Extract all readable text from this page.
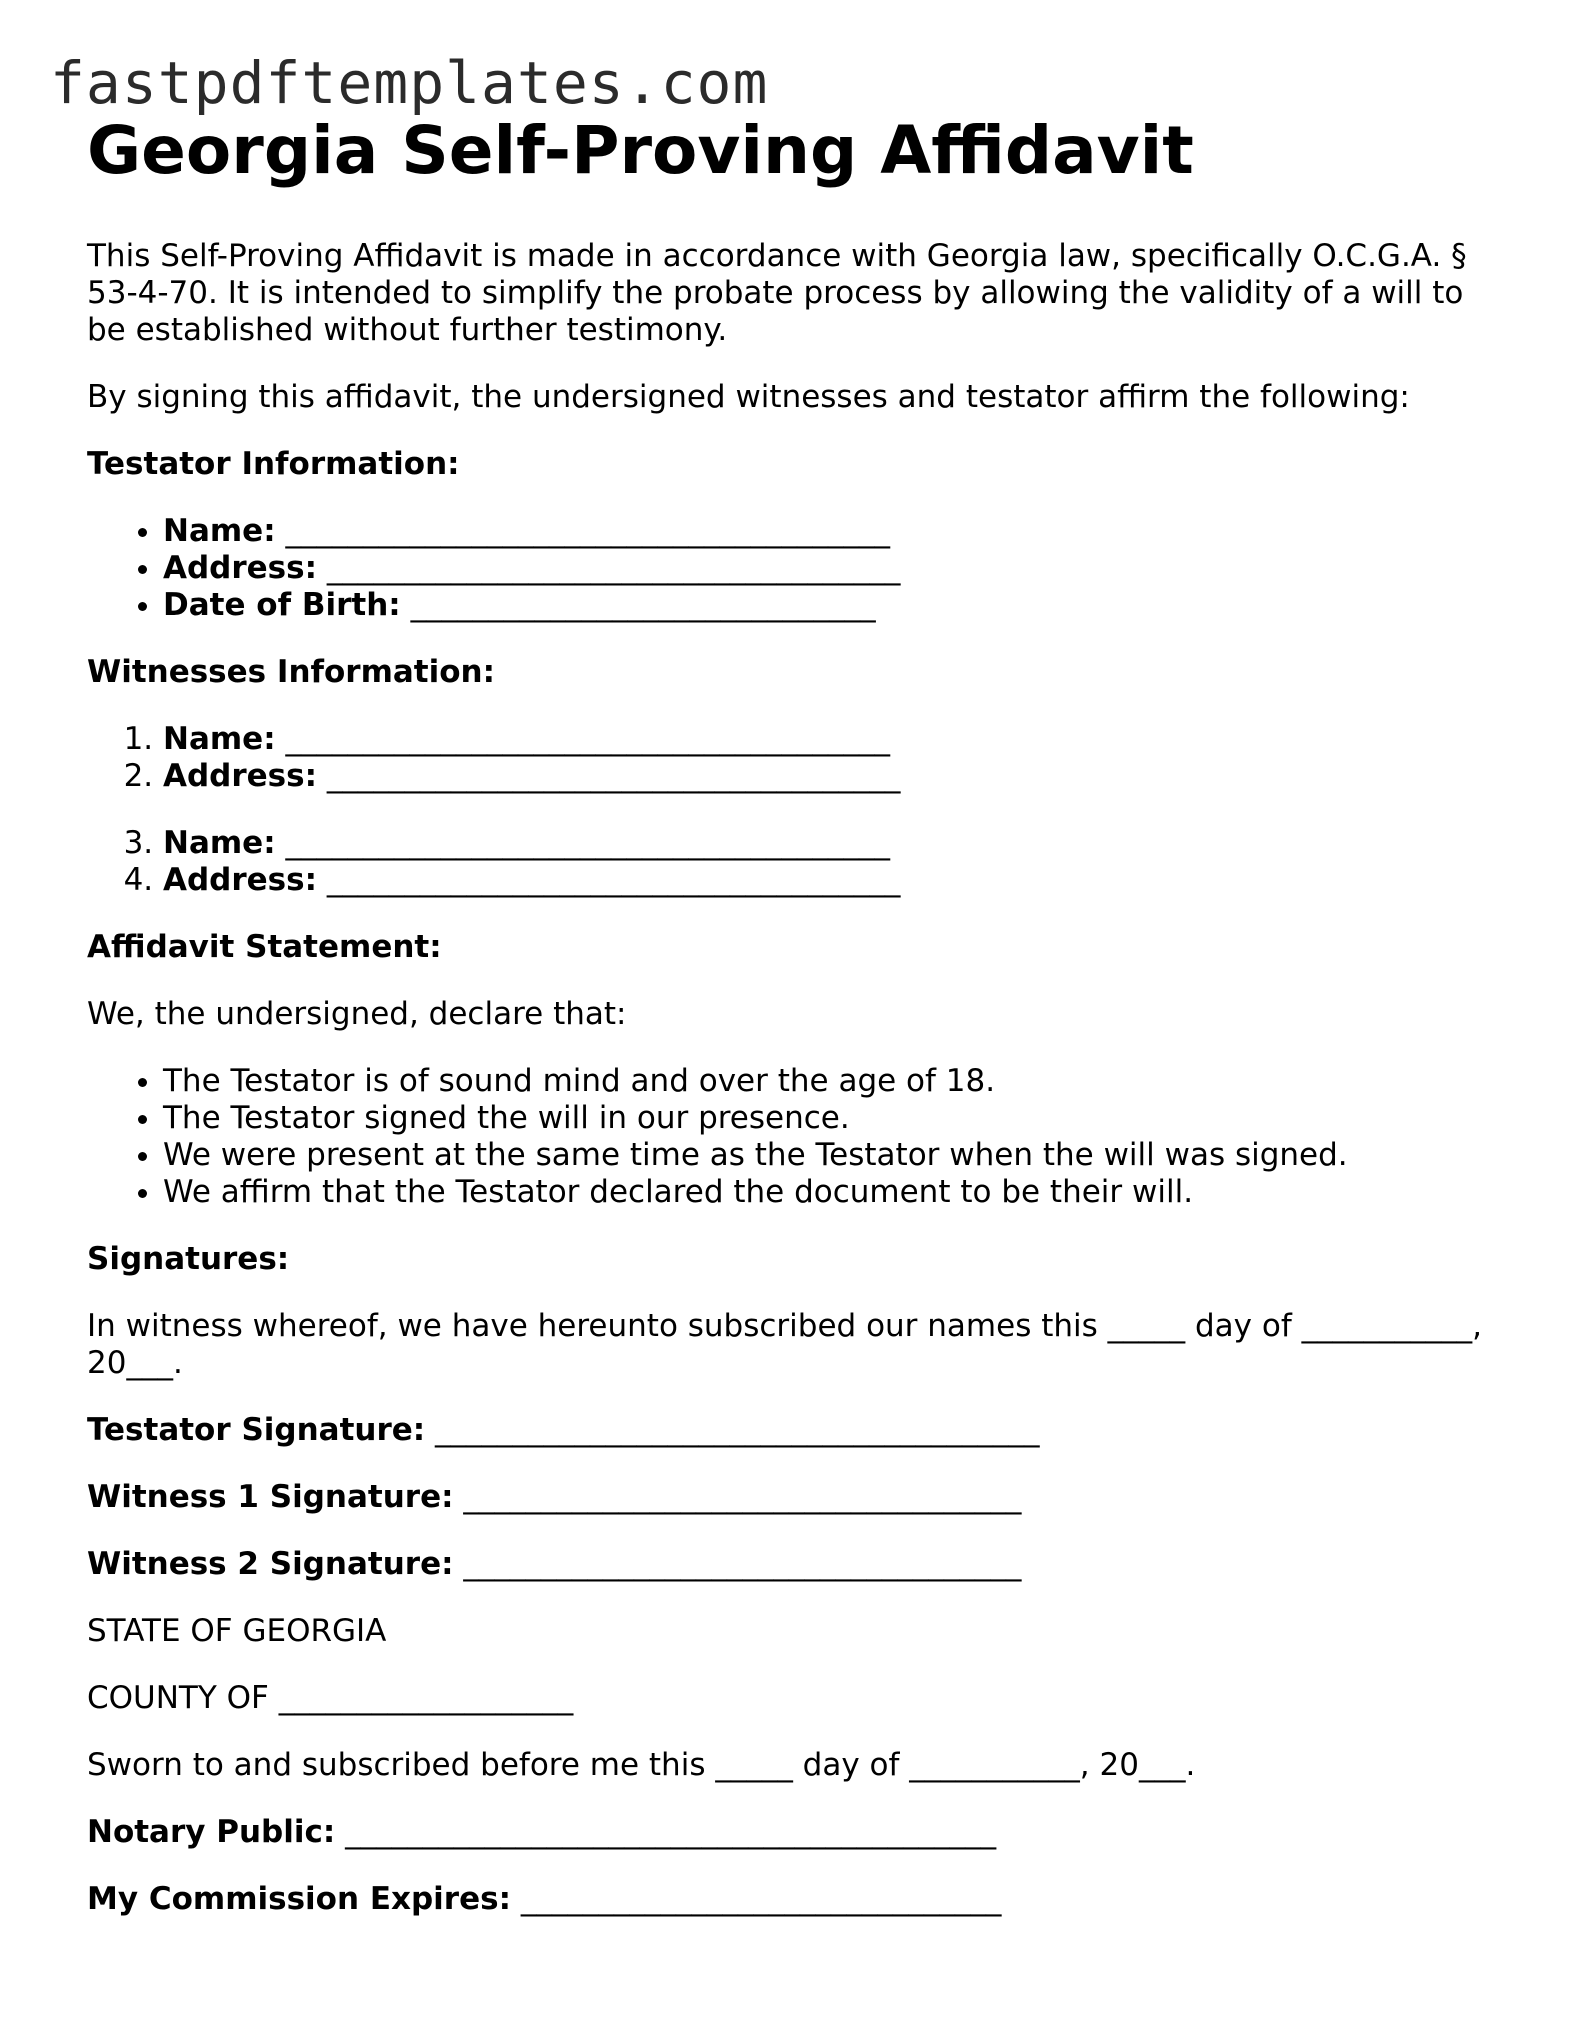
fastpdftemplates.com
Georgia Self-Proving Affidavit

This Self-Proving Affidavit is made in accordance with Georgia law, specifically O.C.G.A. § 53-4-70. It is intended to simplify the probate process by allowing the validity of a will to be established without further testimony.

By signing this affidavit, the undersigned witnesses and testator affirm the following:

Testator Information:
• Name: _______________________________________
• Address: _____________________________________
• Date of Birth: ______________________________
Witnesses Information:
1. Name: _______________________________________
2. Address: _____________________________________
3. Name: _______________________________________
4. Address: _____________________________________
Affidavit Statement:

We, the undersigned, declare that:

• The Testator is of sound mind and over the age of 18.
• The Testator signed the will in our presence.
• We were present at the same time as the Testator when the will was signed.
• We affirm that the Testator declared the document to be their will.
Signatures:

In witness whereof, we have hereunto subscribed our names this _____ day of ___________, 20___.

Testator Signature: _______________________________________
Witness 1 Signature: ____________________________________
Witness 2 Signature: ____________________________________

STATE OF GEORGIA

COUNTY OF ___________________

Sworn to and subscribed before me this _____ day of ___________, 20___.

Notary Public: __________________________________________
My Commission Expires: _______________________________
